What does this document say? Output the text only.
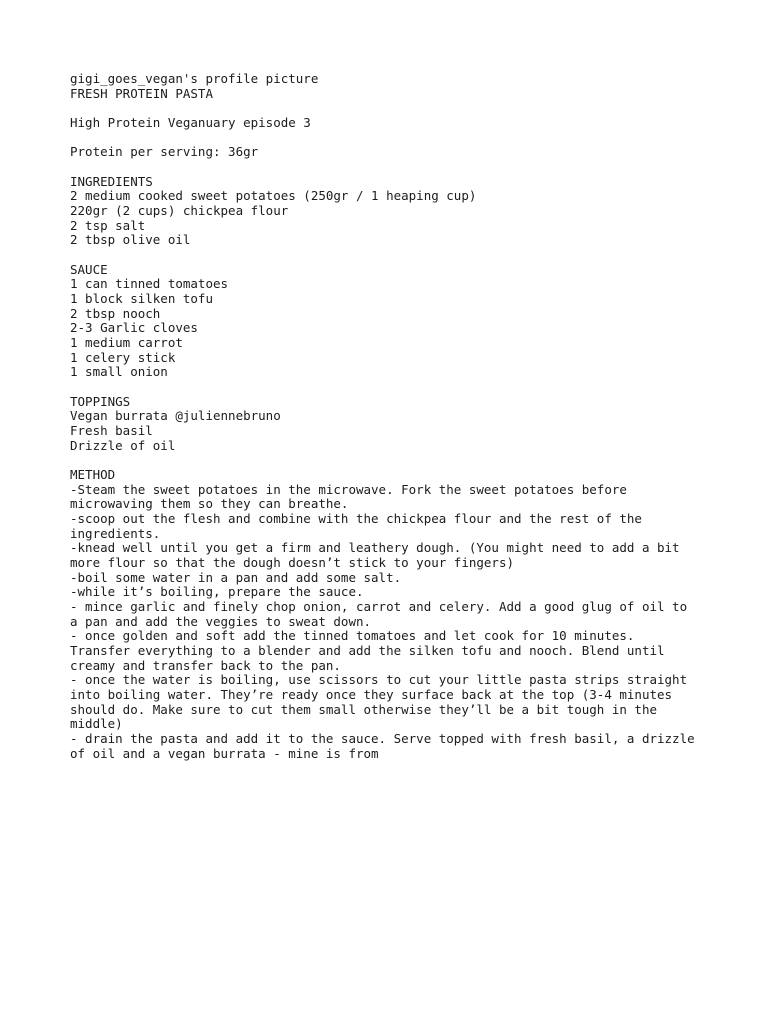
gigi_goes_vegan's profile picture
FRESH PROTEIN PASTA
High Protein Veganuary episode 3
Protein per serving: 36gr
INGREDIENTS
2 medium cooked sweet potatoes (250gr / 1 heaping cup)
220gr (2 cups) chickpea flour
2 tsp salt
2 tbsp olive oil
SAUCE
1 can tinned tomatoes
1 block silken tofu
2 tbsp nooch
2-3 Garlic cloves
1 medium carrot
1 celery stick
1 small onion
TOPPINGS
Vegan burrata @juliennebruno
Fresh basil
Drizzle of oil
METHOD
-Steam the sweet potatoes in the microwave. Fork the sweet potatoes before
microwaving them so they can breathe.
-scoop out the flesh and combine with the chickpea flour and the rest of the
ingredients.
-knead well until you get a firm and leathery dough. (You might need to add a bit
more flour so that the dough doesn’t stick to your fingers)
-boil some water in a pan and add some salt.
-while it’s boiling, prepare the sauce.
- mince garlic and finely chop onion, carrot and celery. Add a good glug of oil to
a pan and add the veggies to sweat down.
- once golden and soft add the tinned tomatoes and let cook for 10 minutes.
Transfer everything to a blender and add the silken tofu and nooch. Blend until
creamy and transfer back to the pan.
- once the water is boiling, use scissors to cut your little pasta strips straight
into boiling water. They’re ready once they surface back at the top (3-4 minutes
should do. Make sure to cut them small otherwise they’ll be a bit tough in the
middle)
- drain the pasta and add it to the sauce. Serve topped with fresh basil, a drizzle
of oil and a vegan burrata - mine is from
